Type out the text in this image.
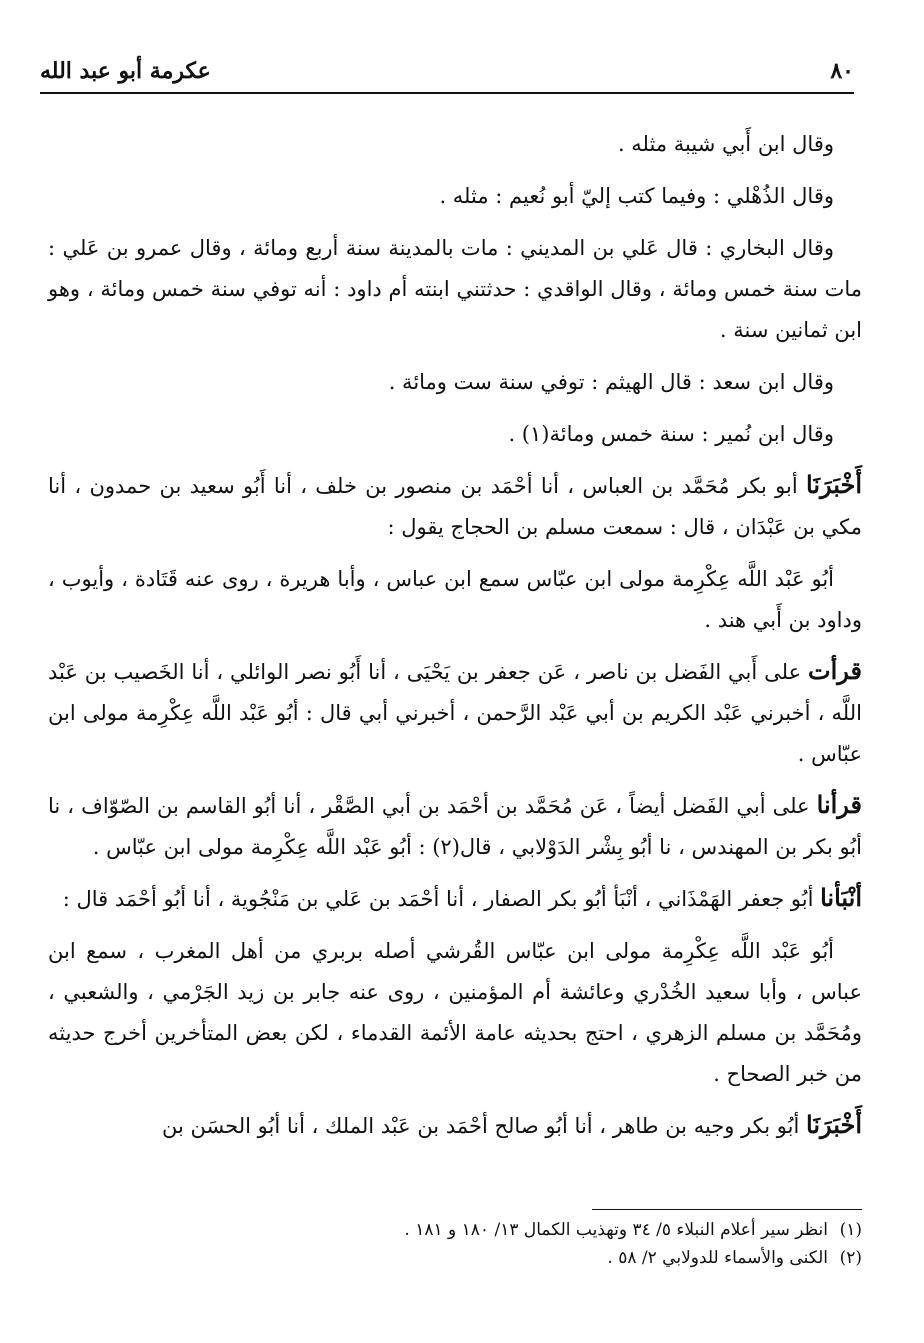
٨٠
عكرمة أبو عبد الله

وقال ابن أَبي شيبة مثله .

وقال الذُهْلي : وفيما كتب إليّ أبو نُعيم : مثله .

وقال البخاري : قال عَلي بن المديني : مات بالمدينة سنة أربع ومائة ، وقال عمرو بن عَلي : مات سنة خمس ومائة ، وقال الواقدي : حدثتني ابنته أم داود : أنه توفي سنة خمس ومائة ، وهو ابن ثمانين سنة .

وقال ابن سعد : قال الهيثم : توفي سنة ست ومائة .

وقال ابن نُمير : سنة خمس ومائة(١) .

أَخْبَرَنَا أبو بكر مُحَمَّد بن العباس ، أنا أحْمَد بن منصور بن خلف ، أنا أَبُو سعيد بن حمدون ، أنا مكي بن عَبْدَان ، قال : سمعت مسلم بن الحجاج يقول :

أبُو عَبْد اللَّه عِكْرِمة مولى ابن عبّاس سمع ابن عباس ، وأبا هريرة ، روى عنه قَتَادة ، وأيوب ، وداود بن أَبي هند .

قرأت على أَبي الفَضل بن ناصر ، عَن جعفر بن يَحْيَى ، أنا أَبُو نصر الوائلي ، أنا الخَصيب بن عَبْد اللَّه ، أخبرني عَبْد الكريم بن أبي عَبْد الرَّحمن ، أخبرني أبي قال : أبُو عَبْد اللَّه عِكْرِمة مولى ابن عبّاس .

قرأنا على أبي الفَضل أيضاً ، عَن مُحَمَّد بن أحْمَد بن أبي الصَّقْر ، أنا أبُو القاسم بن الصّوّاف ، نا أبُو بكر بن المهندس ، نا أبُو بِشْر الدَوْلابي ، قال(٢) : أبُو عَبْد اللَّه عِكْرِمة مولى ابن عبّاس .

أنْبَأنا أبُو جعفر الهَمْذَاني ، أنْبَأ أبُو بكر الصفار ، أنا أحْمَد بن عَلي بن مَنْجُوية ، أنا أبُو أحْمَد قال :

أبُو عَبْد اللَّه عِكْرِمة مولى ابن عبّاس القُرشي أصله بربري من أهل المغرب ، سمع ابن عباس ، وأبا سعيد الخُدْري وعائشة أم المؤمنين ، روى عنه جابر بن زيد الجَرْمي ، والشعبي ، ومُحَمَّد بن مسلم الزهري ، احتج بحديثه عامة الأئمة القدماء ، لكن بعض المتأخرين أخرج حديثه من خبر الصحاح .

أَخْبَرَنَا أبُو بكر وجيه بن طاهر ، أنا أبُو صالح أحْمَد بن عَبْد الملك ، أنا أبُو الحسَن بن

(١)انظر سير أعلام النبلاء ٥/ ٣٤ وتهذيب الكمال ١٣/ ١٨٠ و ١٨١ .

(٢)الكنى والأسماء للدولابي ٢/ ٥٨ .
